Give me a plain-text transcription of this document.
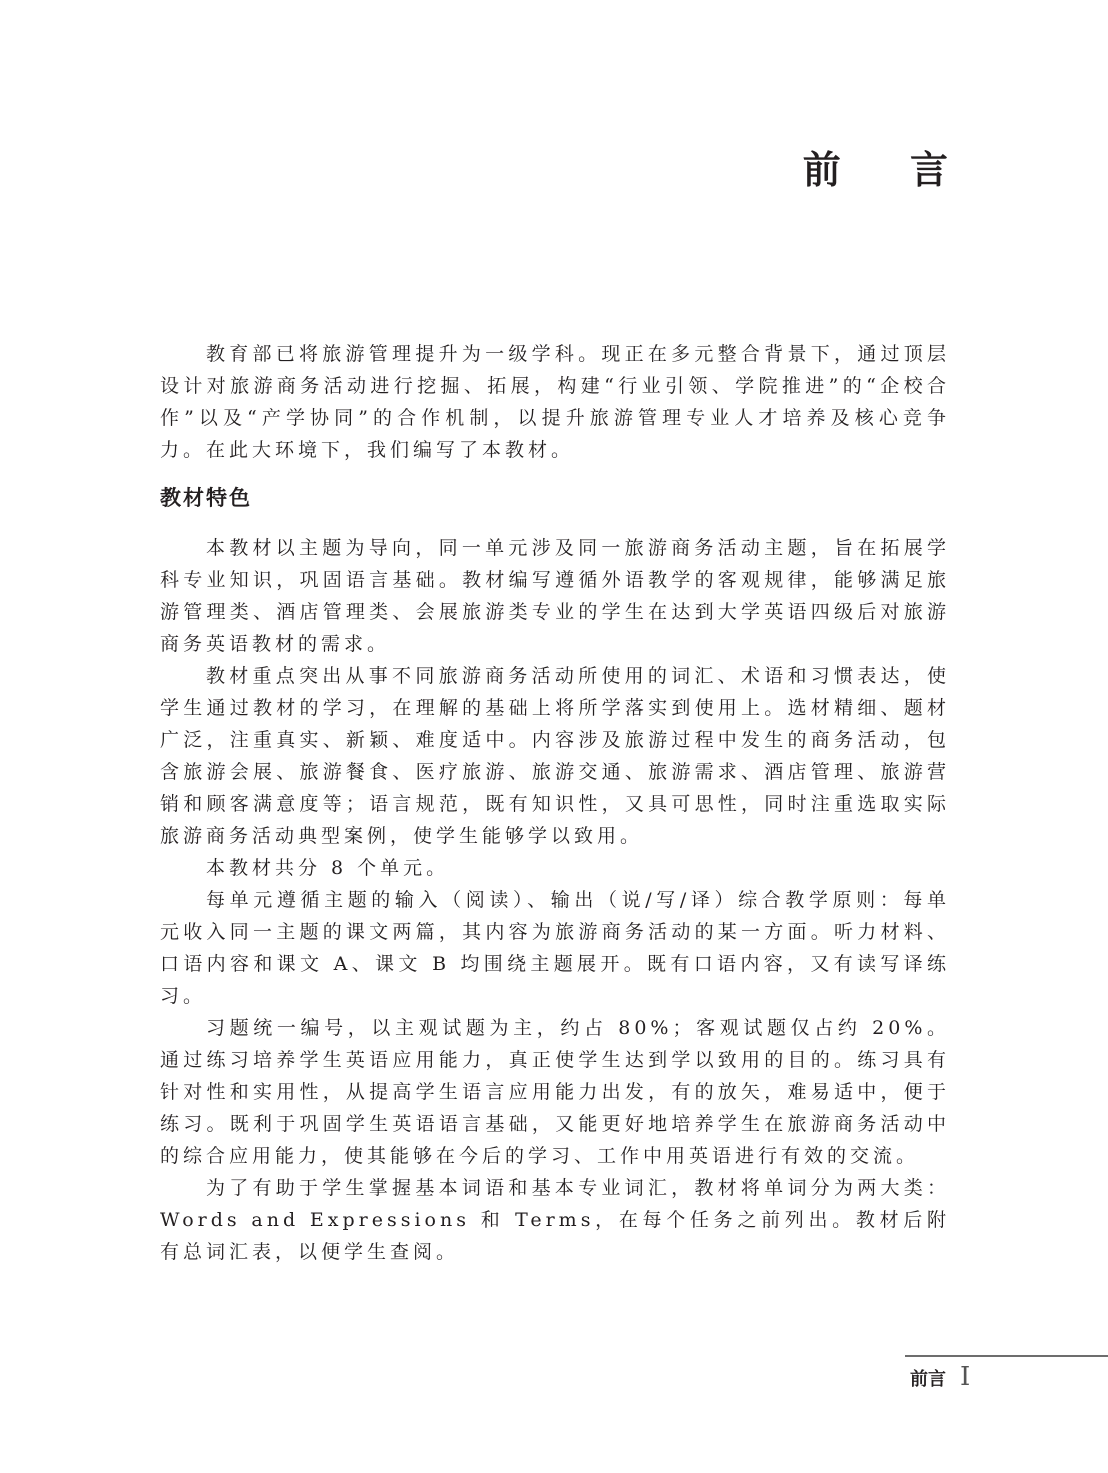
前 言

教育部已将旅游管理提升为一级学科。现正在多元整合背景下，通过顶层设计对旅游商务活动进行挖掘、拓展，构建“行业引领、学院推进”的“企校合作”以及“产学协同”的合作机制，以提升旅游管理专业人才培养及核心竞争力。在此大环境下，我们编写了本教材。

教材特色

本教材以主题为导向，同一单元涉及同一旅游商务活动主题，旨在拓展学科专业知识，巩固语言基础。教材编写遵循外语教学的客观规律，能够满足旅游管理类、酒店管理类、会展旅游类专业的学生在达到大学英语四级后对旅游商务英语教材的需求。

教材重点突出从事不同旅游商务活动所使用的词汇、术语和习惯表达，使学生通过教材的学习，在理解的基础上将所学落实到使用上。选材精细、题材广泛，注重真实、新颖、难度适中。内容涉及旅游过程中发生的商务活动，包含旅游会展、旅游餐食、医疗旅游、旅游交通、旅游需求、酒店管理、旅游营销和顾客满意度等；语言规范，既有知识性，又具可思性，同时注重选取实际旅游商务活动典型案例，使学生能够学以致用。

本教材共分 8 个单元。

每单元遵循主题的输入（阅读）、输出（说/写/译）综合教学原则：每单元收入同一主题的课文两篇，其内容为旅游商务活动的某一方面。听力材料、口语内容和课文 A、课文 B 均围绕主题展开。既有口语内容，又有读写译练习。

习题统一编号，以主观试题为主，约占 80%；客观试题仅占约 20%。通过练习培养学生英语应用能力，真正使学生达到学以致用的目的。练习具有针对性和实用性，从提高学生语言应用能力出发，有的放矢，难易适中，便于练习。既利于巩固学生英语语言基础，又能更好地培养学生在旅游商务活动中的综合应用能力，使其能够在今后的学习、工作中用英语进行有效的交流。

为了有助于学生掌握基本词语和基本专业词汇，教材将单词分为两大类：Words and Expressions 和 Terms，在每个任务之前列出。教材后附有总词汇表，以便学生查阅。

前言 I
